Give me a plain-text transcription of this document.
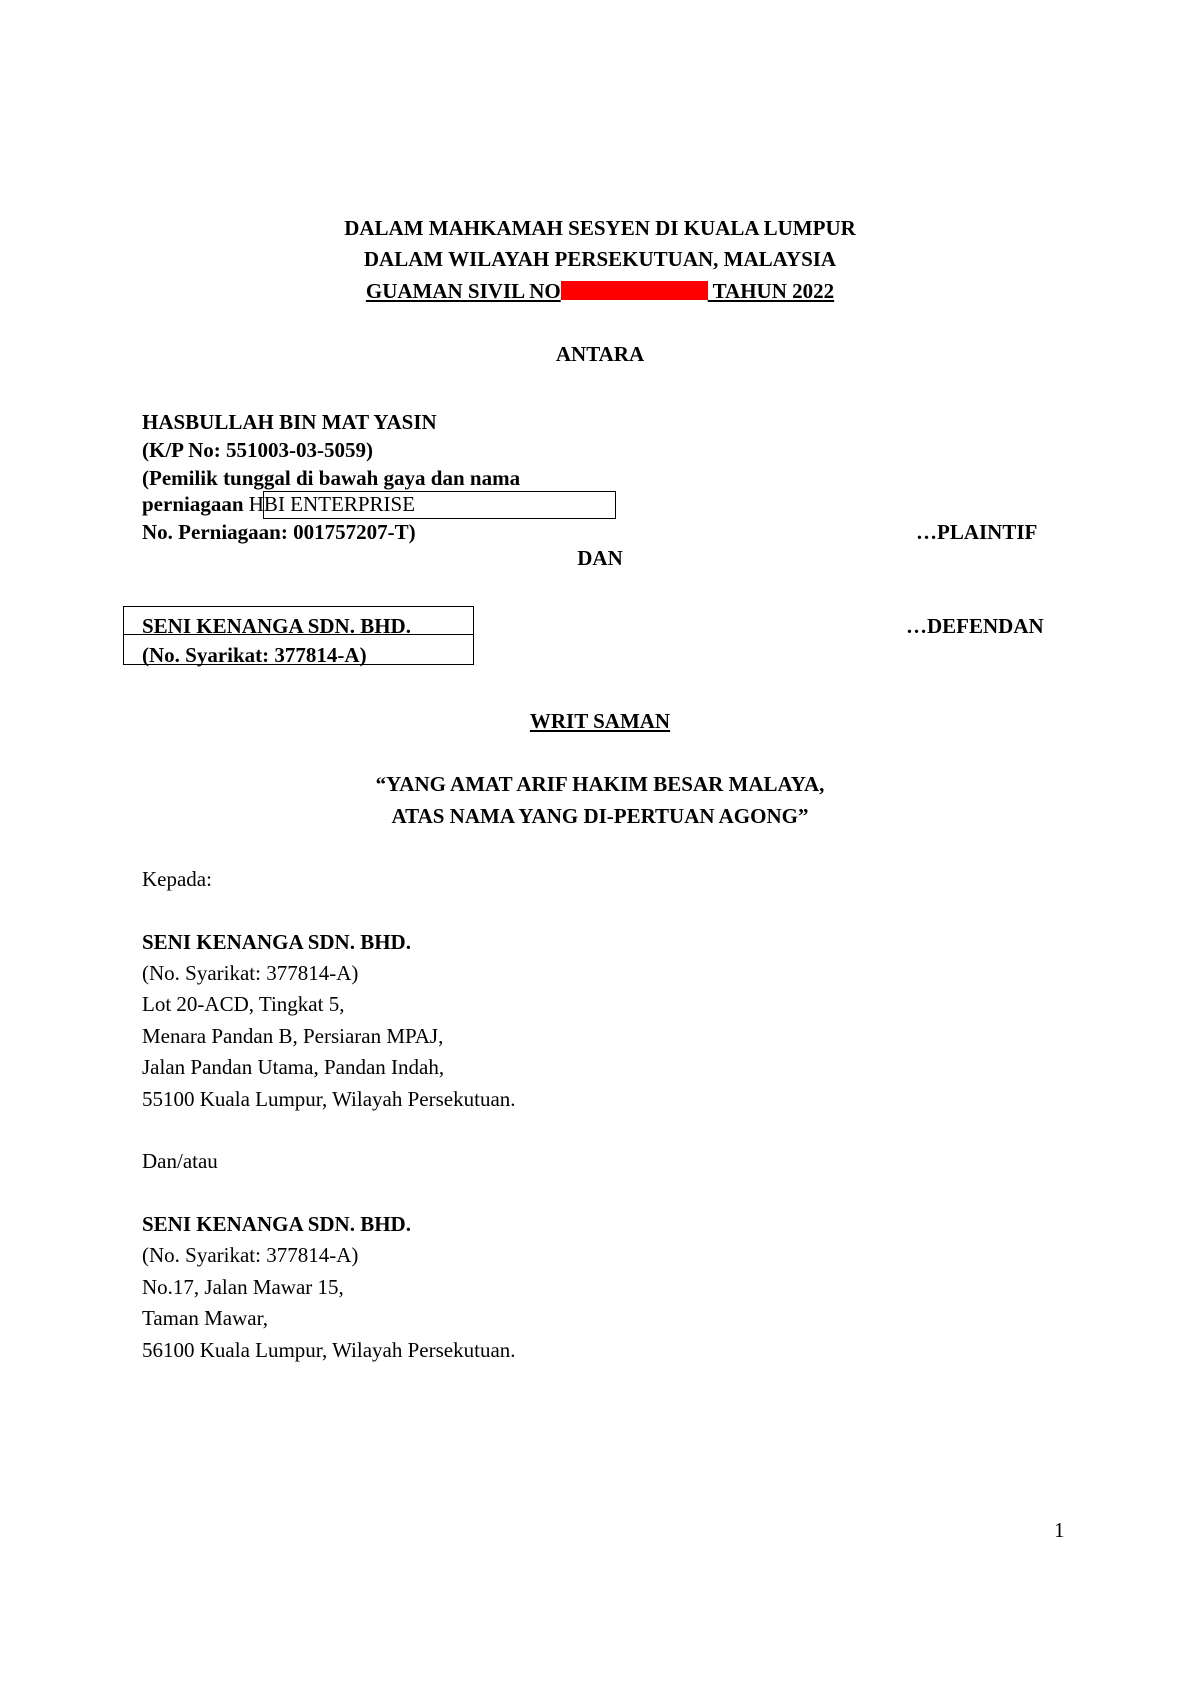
DALAM MAHKAMAH SESYEN DI KUALA LUMPUR
DALAM WILAYAH PERSEKUTUAN, MALAYSIA
GUAMAN SIVIL NO	TAHUN 2022
ANTARA
HASBULLAH BIN MAT YASIN
(K/P No: 551003-03-5059)
(Pemilik tunggal di bawah gaya dan nama
perniagaan HBI ENTERPRISE
No. Perniagaan: 001757207-T)	…PLAINTIF
DAN
SENI KENANGA SDN. BHD.
(No. Syarikat: 377814-A)
…DEFENDAN
WRIT SAMAN
“YANG AMAT ARIF HAKIM BESAR MALAYA,
ATAS NAMA YANG DI-PERTUAN AGONG”
Kepada:
SENI KENANGA SDN. BHD.
(No. Syarikat: 377814-A)
Lot 20-ACD, Tingkat 5,
Menara Pandan B, Persiaran MPAJ,
Jalan Pandan Utama, Pandan Indah,
55100 Kuala Lumpur, Wilayah Persekutuan.
Dan/atau
SENI KENANGA SDN. BHD.
(No. Syarikat: 377814-A)
No.17, Jalan Mawar 15,
Taman Mawar,
56100 Kuala Lumpur, Wilayah Persekutuan.
1
